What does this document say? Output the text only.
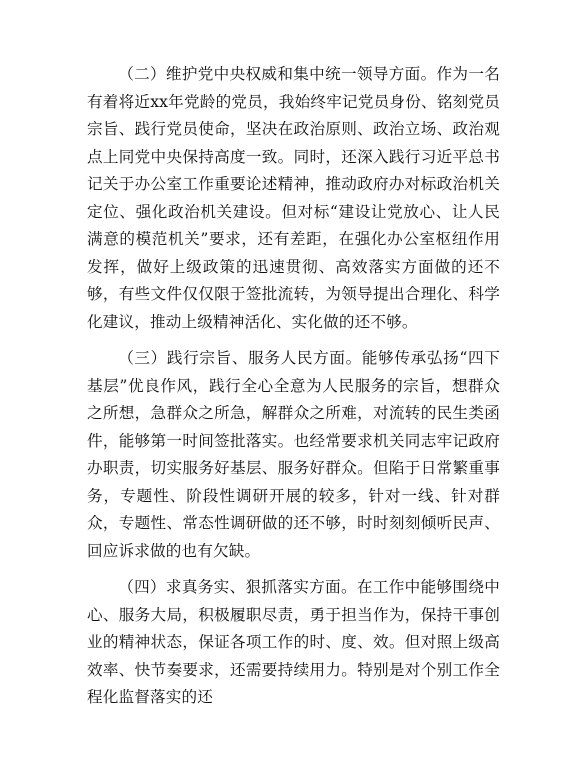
（二）维护党中央权威和集中统一领导方面。作为一名有着将近xx年党龄的党员，我始终牢记党员身份、铭刻党员宗旨、践行党员使命，坚决在政治原则、政治立场、政治观点上同党中央保持高度一致。同时，还深入践行习近平总书记关于办公室工作重要论述精神，推动政府办对标政治机关定位、强化政治机关建设。但对标“建设让党放心、让人民满意的模范机关”要求，还有差距，在强化办公室枢纽作用发挥，做好上级政策的迅速贯彻、高效落实方面做的还不够，有些文件仅仅限于签批流转，为领导提出合理化、科学化建议，推动上级精神活化、实化做的还不够。

（三）践行宗旨、服务人民方面。能够传承弘扬“四下基层”优良作风，践行全心全意为人民服务的宗旨，想群众之所想，急群众之所急，解群众之所难，对流转的民生类函件，能够第一时间签批落实。也经常要求机关同志牢记政府办职责，切实服务好基层、服务好群众。但陷于日常繁重事务，专题性、阶段性调研开展的较多，针对一线、针对群众，专题性、常态性调研做的还不够，时时刻刻倾听民声、回应诉求做的也有欠缺。

（四）求真务实、狠抓落实方面。在工作中能够围绕中心、服务大局，积极履职尽责，勇于担当作为，保持干事创业的精神状态，保证各项工作的时、度、效。但对照上级高效率、快节奏要求，还需要持续用力。特别是对个别工作全程化监督落实的还
